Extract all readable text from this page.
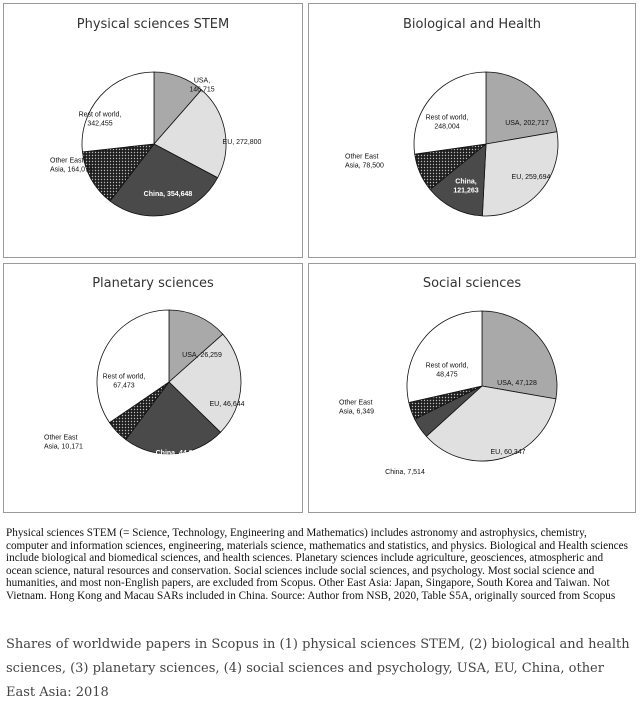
Physical sciences STEM
USA, 146,715
EU, 272,800
China, 354,648
Other East Asia, 164,076
Rest of world, 342,455
Biological and Health
USA, 202,717
EU, 259,694
China, 121,263
Other East Asia, 78,500
Rest of world, 248,004
Planetary sciences
USA, 26,259
EU, 46,644
China, 44,836
Other East Asia, 10,171
Rest of world, 67,473
Social sciences
USA, 47,128
EU, 60,347
China, 7,514
Other East Asia, 6,349
Rest of world, 48,475
Physical sciences STEM (= Science, Technology, Engineering and Mathematics) includes astronomy and astrophysics, chemistry, computer and information sciences, engineering, materials science, mathematics and statistics, and physics. Biological and Health sciences include biological and biomedical sciences, and health sciences. Planetary sciences include agriculture, geosciences, atmospheric and ocean science, natural resources and conservation. Social sciences include social sciences, and psychology. Most social science and humanities, and most non-English papers, are excluded from Scopus. Other East Asia: Japan, Singapore, South Korea and Taiwan. Not Vietnam. Hong Kong and Macau SARs included in China. Source: Author from NSB, 2020, Table S5A, originally sourced from Scopus
Shares of worldwide papers in Scopus in (1) physical sciences STEM, (2) biological and health sciences, (3) planetary sciences, (4) social sciences and psychology, USA, EU, China, other East Asia: 2018
